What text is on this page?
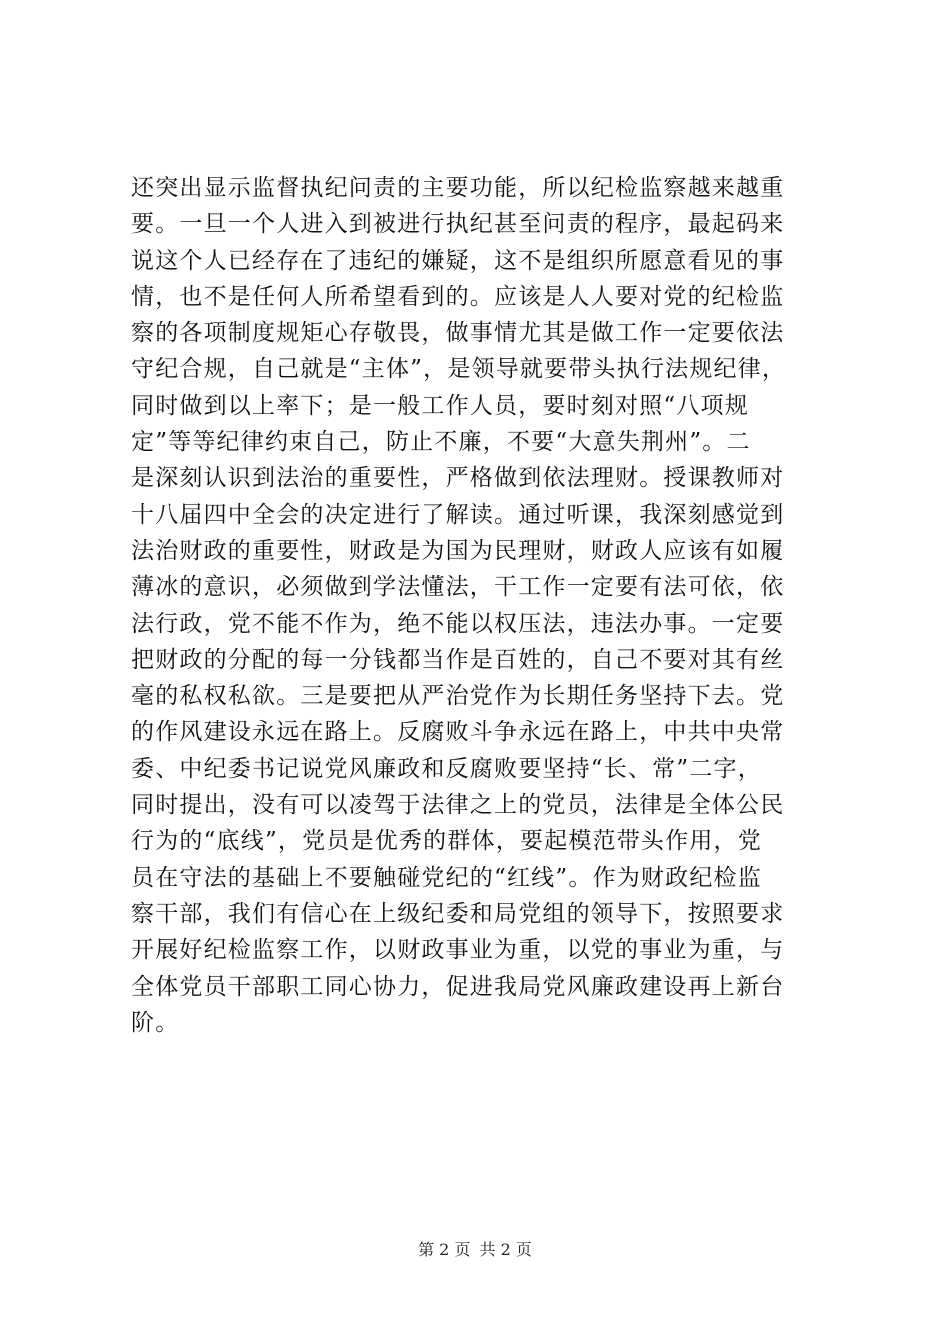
还突出显示监督执纪问责的主要功能，所以纪检监察越来越重
要。一旦一个人进入到被进行执纪甚至问责的程序，最起码来
说这个人已经存在了违纪的嫌疑，这不是组织所愿意看见的事
情，也不是任何人所希望看到的。应该是人人要对党的纪检监
察的各项制度规矩心存敬畏，做事情尤其是做工作一定要依法
守纪合规，自己就是“主体”，是领导就要带头执行法规纪律，
同时做到以上率下；是一般工作人员，要时刻对照“八项规
定”等等纪律约束自己，防止不廉，不要“大意失荆州”。二
是深刻认识到法治的重要性，严格做到依法理财。授课教师对
十八届四中全会的决定进行了解读。通过听课，我深刻感觉到
法治财政的重要性，财政是为国为民理财，财政人应该有如履
薄冰的意识，必须做到学法懂法，干工作一定要有法可依，依
法行政，党不能不作为，绝不能以权压法，违法办事。一定要
把财政的分配的每一分钱都当作是百姓的，自己不要对其有丝
毫的私权私欲。三是要把从严治党作为长期任务坚持下去。党
的作风建设永远在路上。反腐败斗争永远在路上，中共中央常
委、中纪委书记说党风廉政和反腐败要坚持“长、常”二字，
同时提出，没有可以凌驾于法律之上的党员，法律是全体公民
行为的“底线”，党员是优秀的群体，要起模范带头作用，党
员在守法的基础上不要触碰党纪的“红线”。作为财政纪检监
察干部，我们有信心在上级纪委和局党组的领导下，按照要求
开展好纪检监察工作，以财政事业为重，以党的事业为重，与
全体党员干部职工同心协力，促进我局党风廉政建设再上新台
阶。
第 2 页 共 2 页
